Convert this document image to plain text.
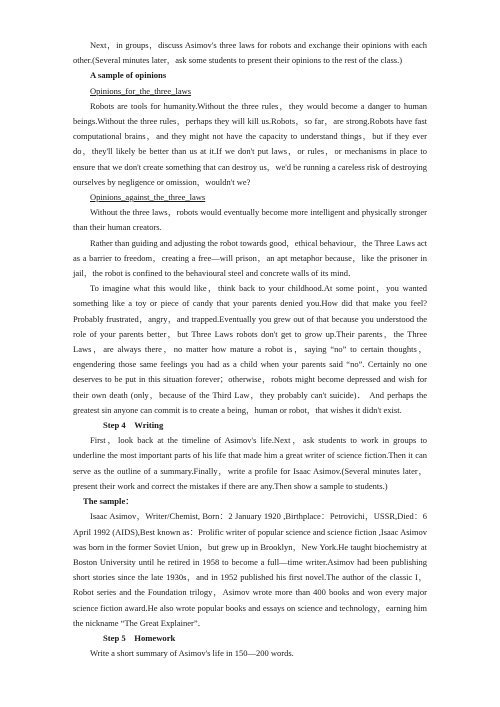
Next，in groups，discuss Asimov's three laws for robots and exchange their opinions with each other.(Several minutes later，ask some students to present their opinions to the rest of the class.)

A sample of opinions

Opinions_for_the_three_laws

Robots are tools for humanity.Without the three rules，they would become a danger to human beings.Without the three rules，perhaps they will kill us.Robots，so far，are strong.Robots have fast computational brains，and they might not have the capacity to understand things，but if they ever do，they'll likely be better than us at it.If we don't put laws，or rules，or mechanisms in place to ensure that we don't create something that can destroy us，we'd be running a careless risk of destroying ourselves by negligence or omission，wouldn't we?

Opinions_against_the_three_laws

Without the three laws，robots would eventually become more intelligent and physically stronger than their human creators.

Rather than guiding and adjusting the robot towards good，ethical behaviour，the Three Laws act as a barrier to freedom，creating a free—will prison，an apt metaphor because，like the prisoner in jail，the robot is confined to the behavioural steel and concrete walls of its mind．

To imagine what this would like，think back to your childhood.At some point，you wanted something like a toy or piece of candy that your parents denied you.How did that make you feel? Probably frustrated，angry，and trapped.Eventually you grew out of that because you understood the role of your parents better，but Three Laws robots don't get to grow up.Their parents，the Three Laws，are always there，no matter how mature a robot is，saying “no” to certain thoughts，engendering those same feelings you had as a child when your parents said “no”. Certainly no one deserves to be put in this situation forever；otherwise，robots might become depressed and wish for their own death (only，because of the Third Law，they probably can't suicide)． And perhaps the greatest sin anyone can commit is to create a being，human or robot，that wishes it didn't exist.

Step 4　Writing

First，look back at the timeline of Asimov's life.Next，ask students to work in groups to underline the most important parts of his life that made him a great writer of science fiction.Then it can serve as the outline of a summary.Finally，write a profile for Isaac Asimov.(Several minutes later，present their work and correct the mistakes if there are any.Then show a sample to students.)

The sample：

Isaac Asimov，Writer/Chemist, Born：2 January 1920 ,Birthplace：Petrovichi，USSR,Died：6 April 1992 (AIDS),Best known as：Prolific writer of popular science and science fiction ,Isaac Asimov was born in the former Soviet Union，but grew up in Brooklyn，New York.He taught biochemistry at Boston University until he retired in 1958 to become a full—time writer.Asimov had been publishing short stories since the late 1930s，and in 1952 published his first novel.The author of the classic I，Robot series and the Foundation trilogy，Asimov wrote more than 400 books and won every major science fiction award.He also wrote popular books and essays on science and technology，earning him the nickname “The Great Explainer”．

Step 5　Homework

Write a short summary of Asimov's life in 150—200 words.
